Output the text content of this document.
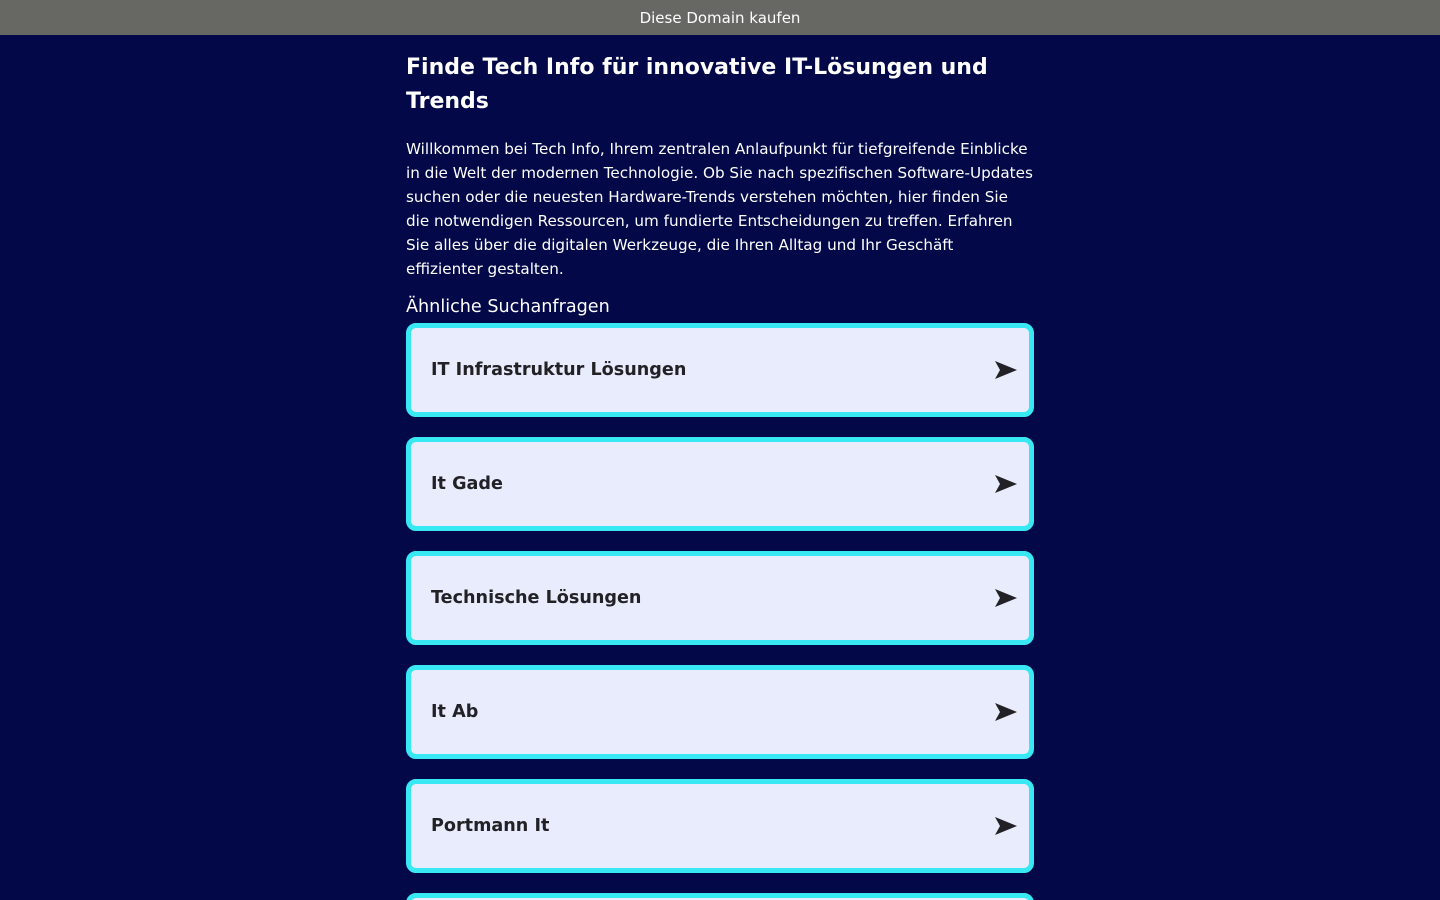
Diese Domain kaufen
Finde Tech Info für innovative IT-Lösungen und Trends

Willkommen bei Tech Info, Ihrem zentralen Anlaufpunkt für tiefgreifende Einblicke in die Welt der modernen Technologie. Ob Sie nach spezifischen Software-Updates suchen oder die neuesten Hardware-Trends verstehen möchten, hier finden Sie die notwendigen Ressourcen, um fundierte Entscheidungen zu treffen. Erfahren Sie alles über die digitalen Werkzeuge, die Ihren Alltag und Ihr Geschäft effizienter gestalten.

Ähnliche Suchanfragen
IT Infrastruktur Lösungen
It Gade
Technische Lösungen
It Ab
Portmann It
